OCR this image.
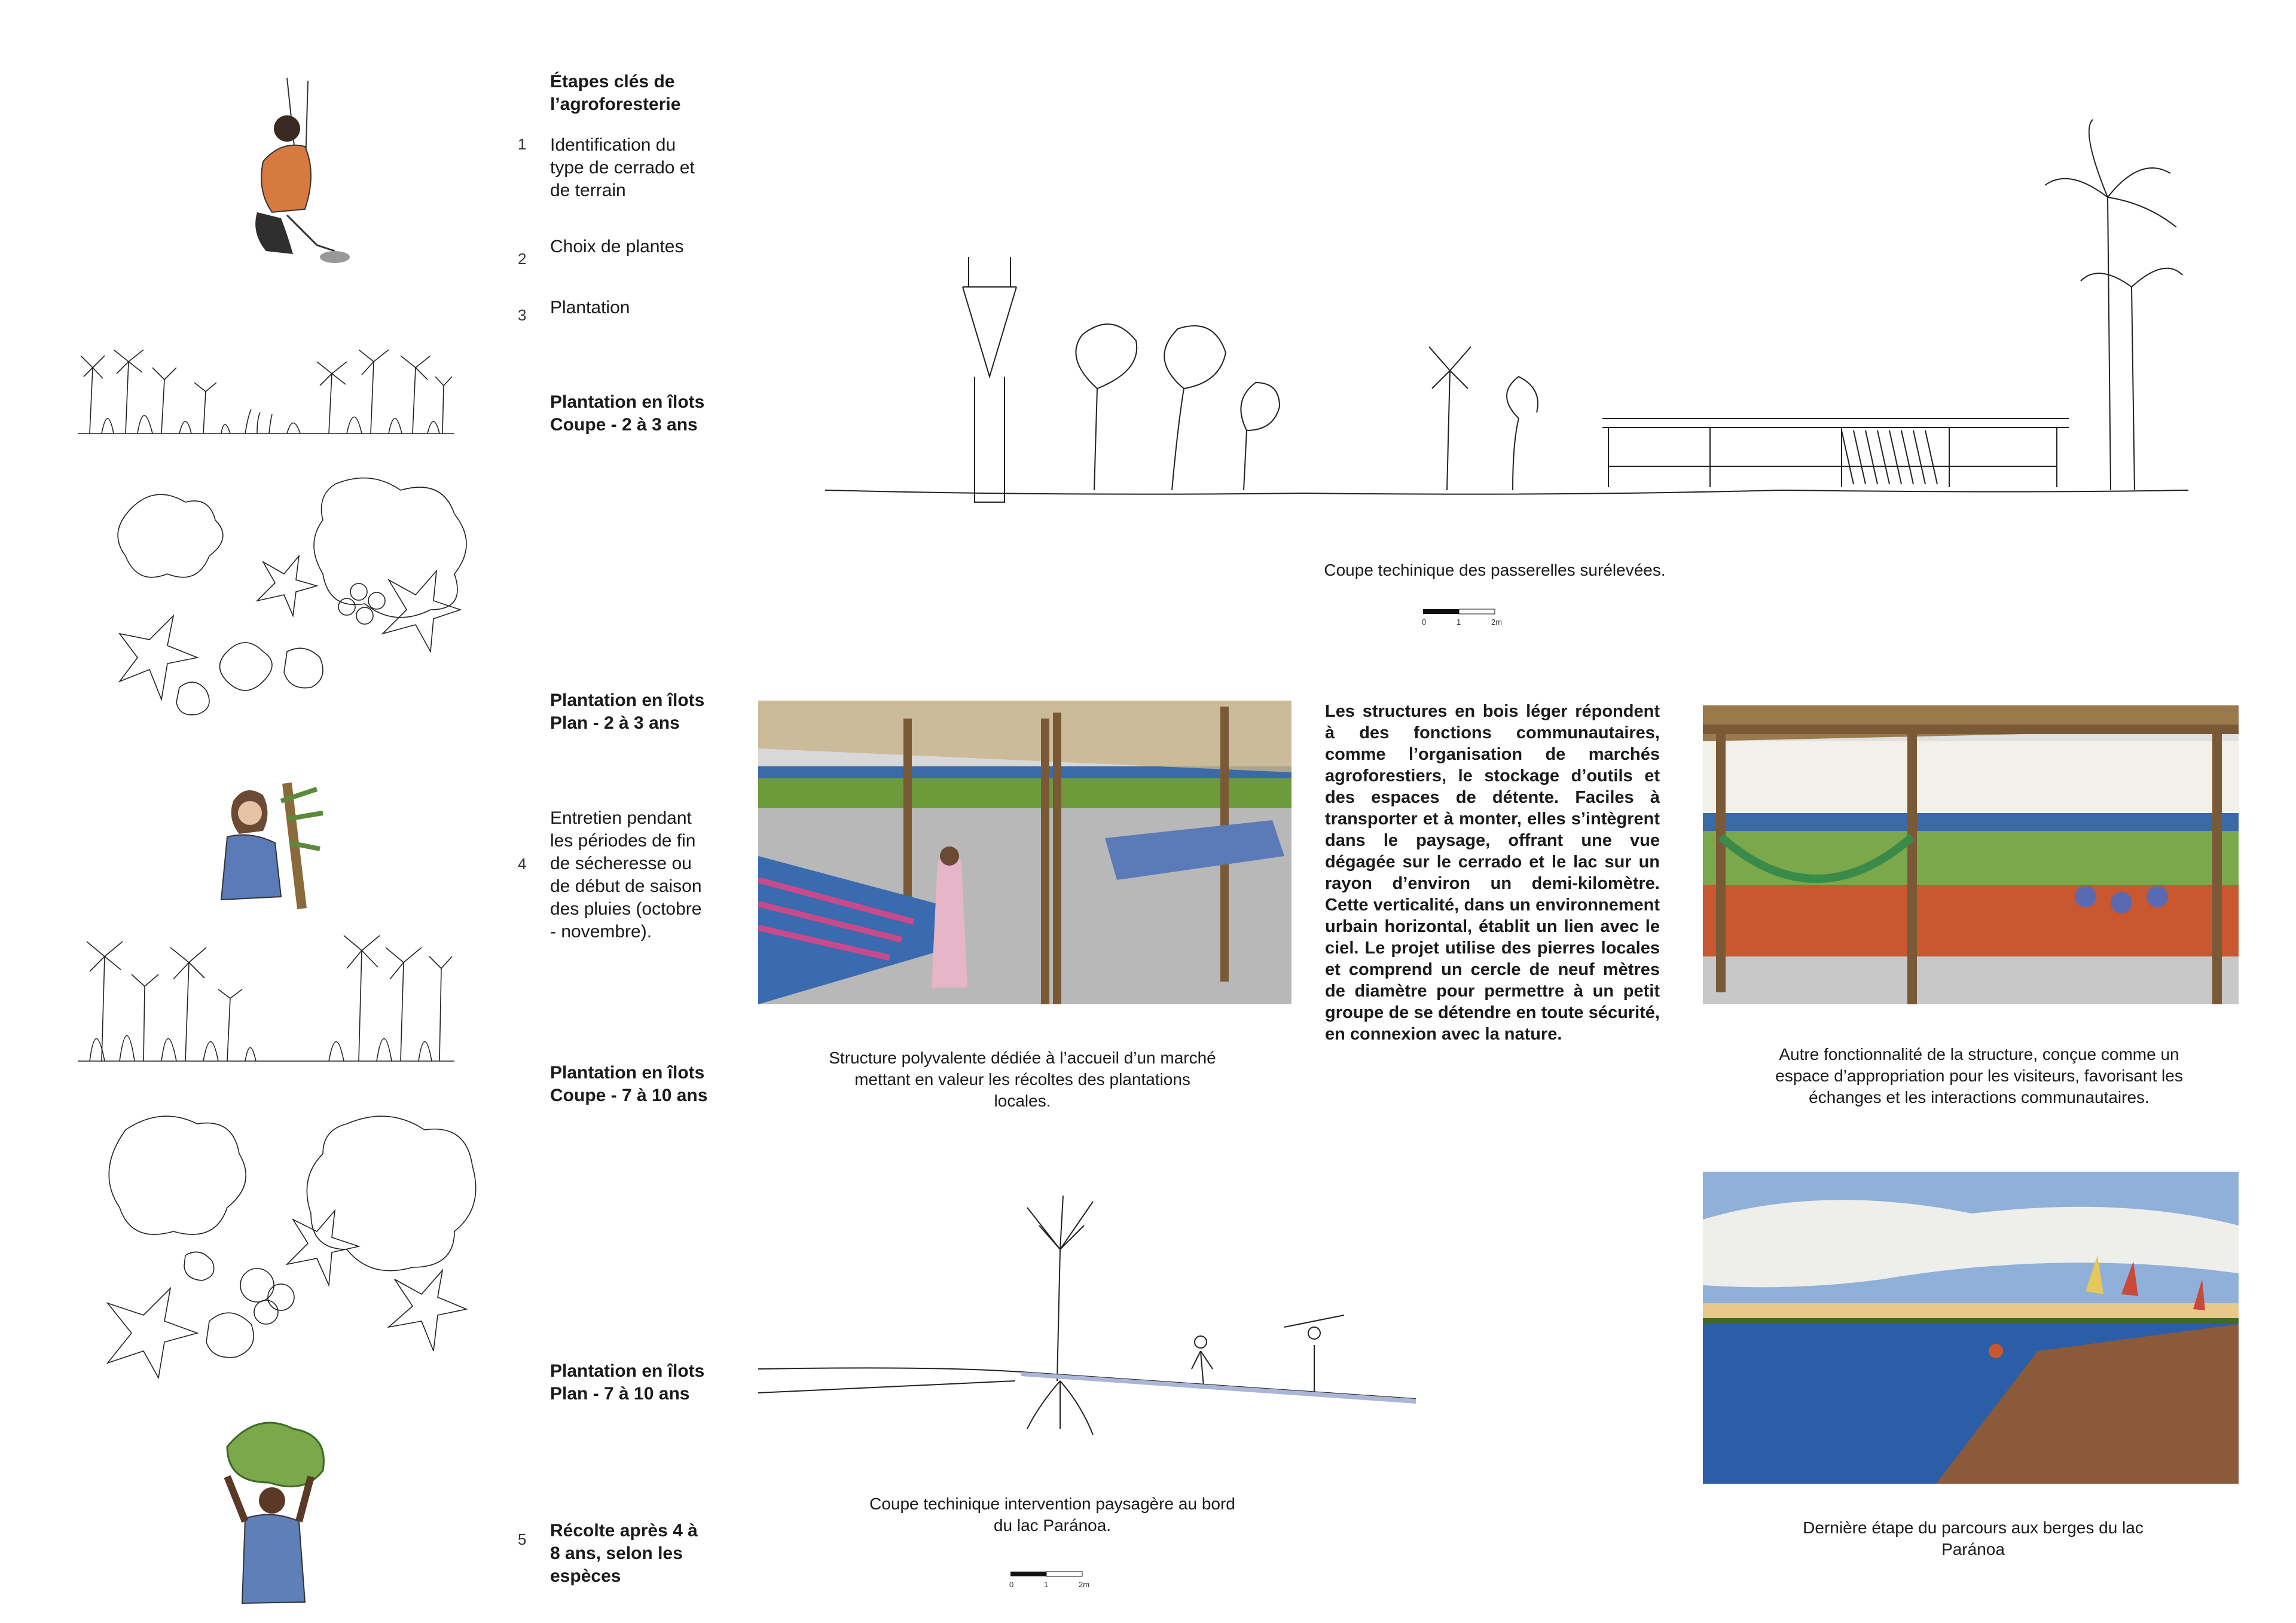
Étapes clés de l’agroforesterie
1 Identification du type de cerrado et de terrain
2
Choix de plantes
3 Plantation
Plantation en îlots Coupe - 2 à 3 ans
Plantation en îlots Plan - 2 à 3 ans
4
Entretien pendant les périodes de fin de sécheresse ou de début de saison des pluies (octobre - novembre).
Plantation en îlots Coupe - 7 à 10 ans
Plantation en îlots Plan - 7 à 10 ans
5 Récolte après 4 à 8 ans, selon les espèces
Coupe techinique des passerelles surélevées.
0	1	2m
Structure polyvalente dédiée à l’accueil d’un marché mettant en valeur les récoltes des plantations locales.
Les structures en bois léger répondent à des fonctions communautaires, comme l’organisation de marchés agroforestiers, le stockage d’outils et des espaces de détente. Faciles à transporter et à monter, elles s’intègrent dans le paysage, offrant une vue dégagée sur le cerrado et le lac sur un rayon d’environ un demi-kilomètre. Cette verticalité, dans un environnement urbain horizontal, établit un lien avec le ciel. Le projet utilise des pierres locales et comprend un cercle de neuf mètres de diamètre pour permettre à un petit groupe de se détendre en toute sécurité, en connexion avec la nature.
Autre fonctionnalité de la structure, conçue comme un espace d’appropriation pour les visiteurs, favorisant les échanges et les interactions communautaires.
Coupe techinique intervention paysagère au bord du lac Paránoa.
0	1	2m
Dernière étape du parcours aux berges du lac Paránoa
